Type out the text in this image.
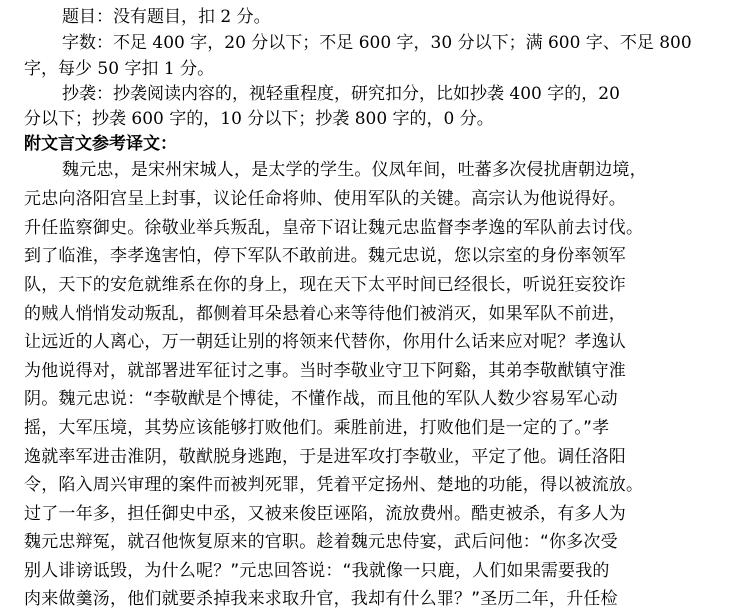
题目：没有题目，扣 2 分。
字数：不足 400 字，20 分以下；不足 600 字，30 分以下；满 600 字、不足 800
字，每少 50 字扣 1 分。
抄袭：抄袭阅读内容的，视轻重程度，研究扣分，比如抄袭 400 字的，20
分以下；抄袭 600 字的，10 分以下；抄袭 800 字的，0 分。
附文言文参考译文：
魏元忠，是宋州宋城人，是太学的学生。仪凤年间，吐蕃多次侵扰唐朝边境，
元忠向洛阳宫呈上封事，议论任命将帅、使用军队的关键。高宗认为他说得好。
升任监察御史。徐敬业举兵叛乱，皇帝下诏让魏元忠监督李孝逸的军队前去讨伐。
到了临淮，李孝逸害怕，停下军队不敢前进。魏元忠说，您以宗室的身份率领军
队，天下的安危就维系在你的身上，现在天下太平时间已经很长，听说狂妄狡诈
的贼人悄悄发动叛乱，都侧着耳朵悬着心来等待他们被消灭，如果军队不前进，
让远近的人离心，万一朝廷让别的将领来代替你，你用什么话来应对呢？孝逸认
为他说得对，就部署进军征讨之事。当时李敬业守卫下阿谿，其弟李敬猷镇守淮
阴。魏元忠说：“李敬猷是个博徒，不懂作战，而且他的军队人数少容易军心动
摇，大军压境，其势应该能够打败他们。乘胜前进，打败他们是一定的了。”孝
逸就率军进击淮阴，敬猷脱身逃跑，于是进军攻打李敬业，平定了他。调任洛阳
令，陷入周兴审理的案件而被判死罪，凭着平定扬州、楚地的功能，得以被流放。
过了一年多，担任御史中丞，又被来俊臣诬陷，流放费州。酷吏被杀，有多人为
魏元忠辩冤，就召他恢复原来的官职。趁着魏元忠侍宴，武后问他：“你多次受
别人诽谤诋毁，为什么呢？”元忠回答说：“我就像一只鹿，人们如果需要我的
肉来做羹汤，他们就要杀掉我来求取升官，我却有什么罪？”圣历二年，升任检
